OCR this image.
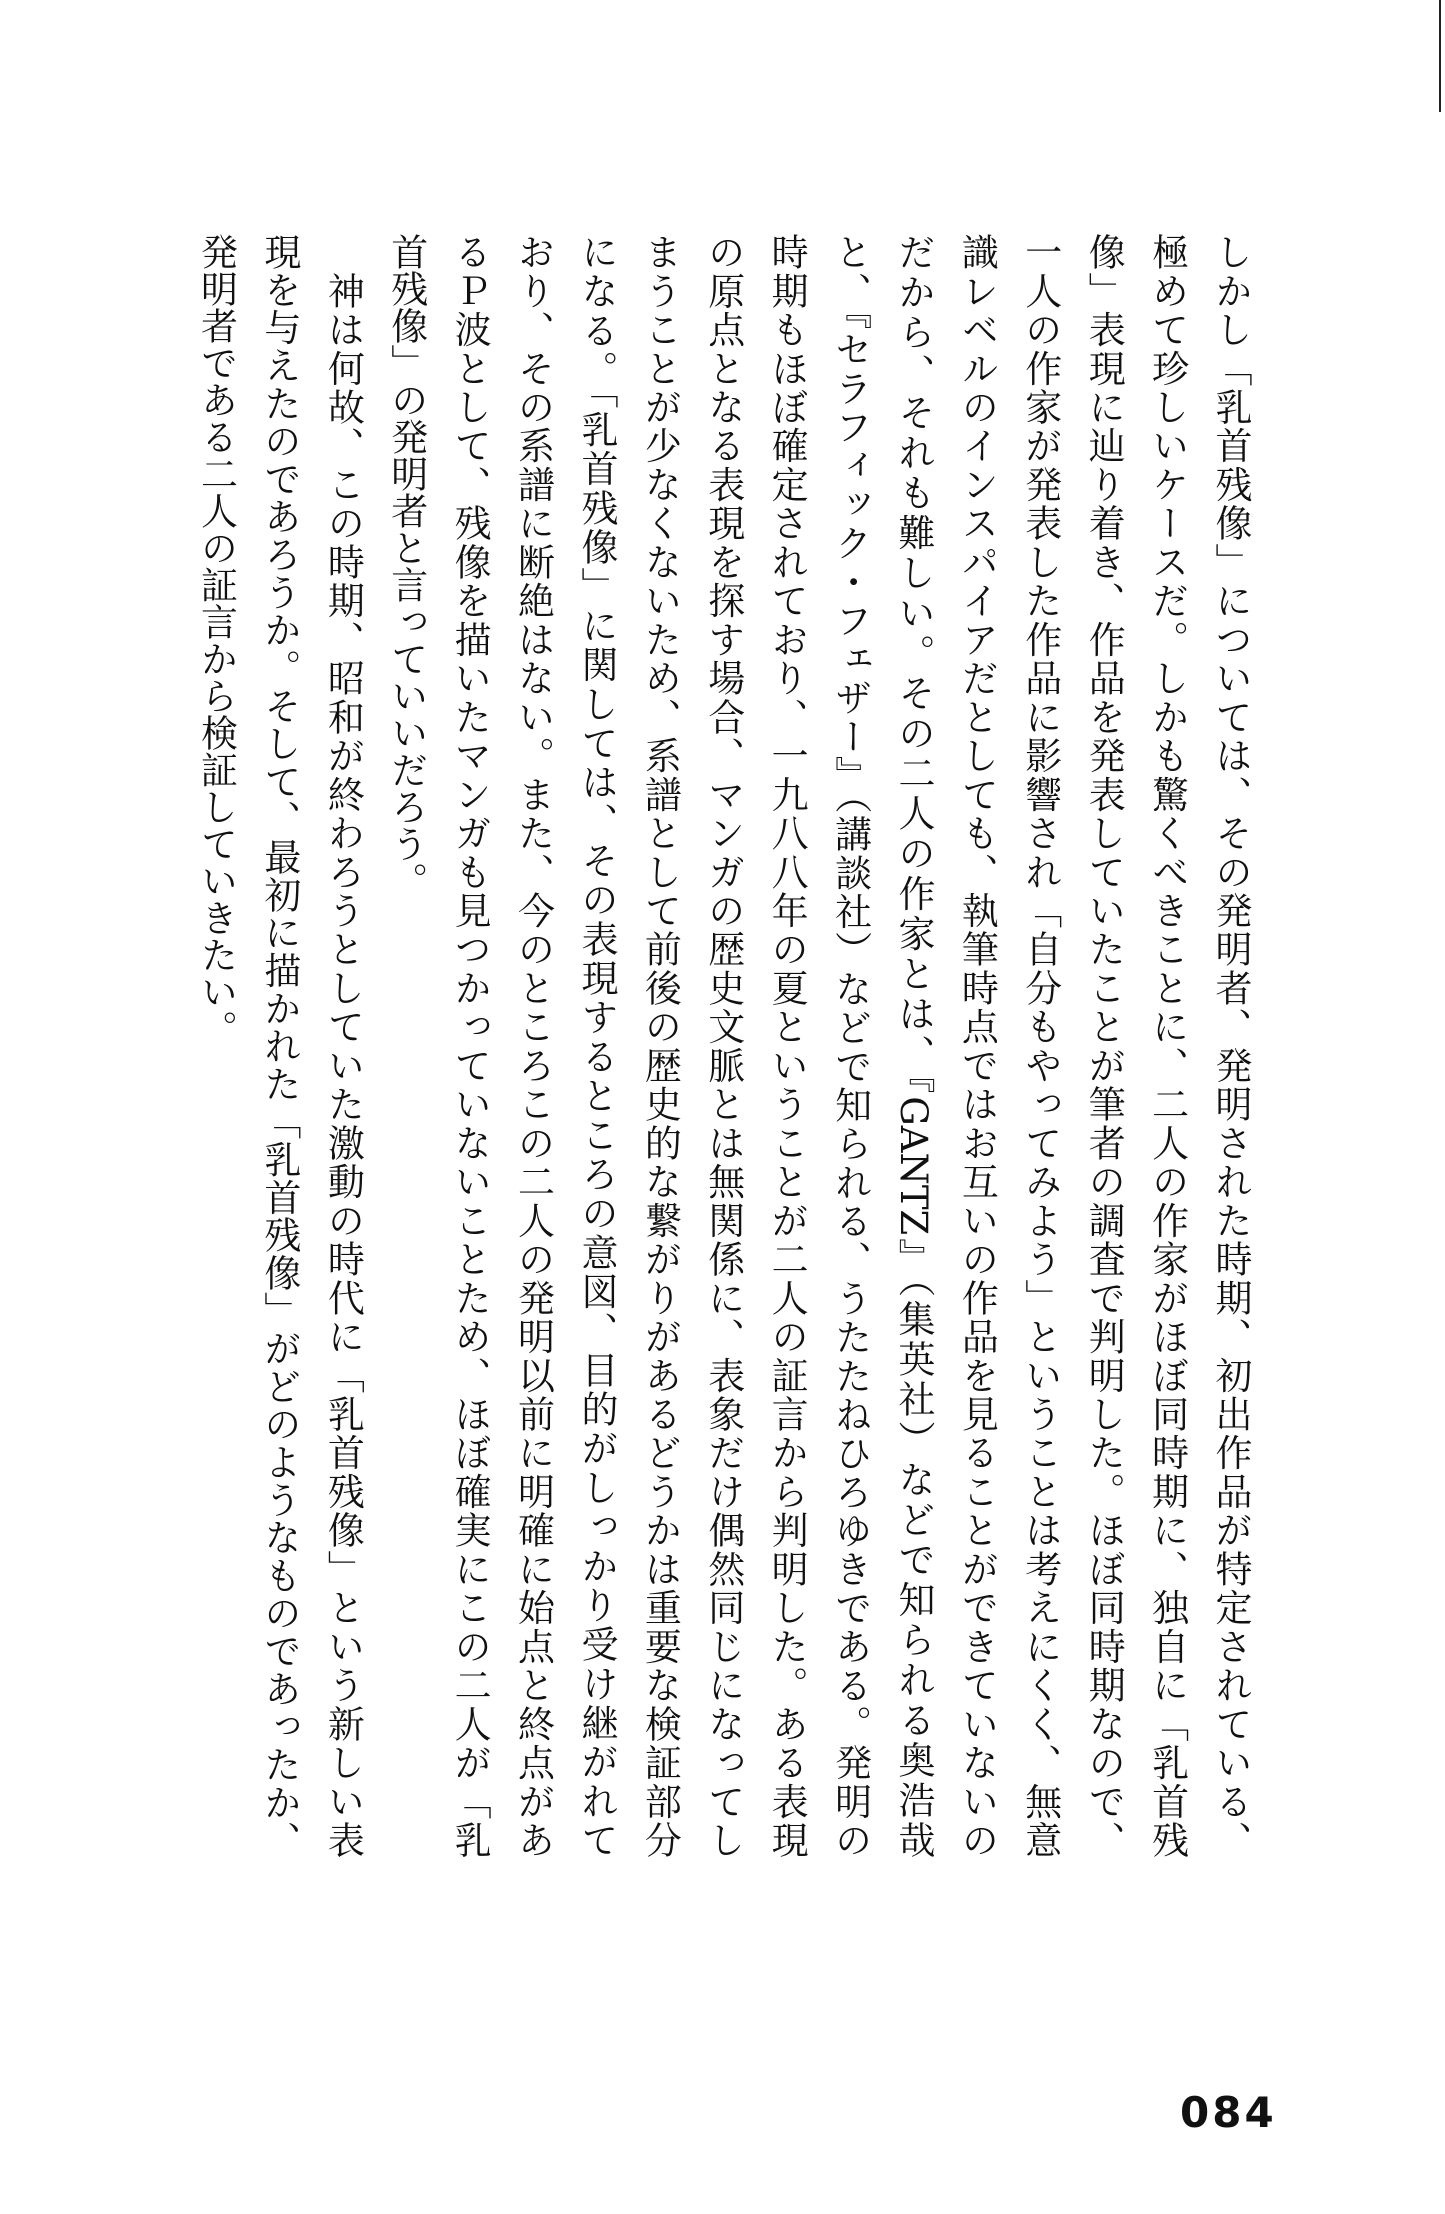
しかし「乳首残像」については、その発明者、発明された時期、初出作品が特定されている、
極めて珍しいケースだ。しかも驚くべきことに、二人の作家がほぼ同時期に、独自に「乳首残
像」表現に辿り着き、作品を発表していたことが筆者の調査で判明した。ほぼ同時期なので、
一人の作家が発表した作品に影響され「自分もやってみよう」ということは考えにくく、無意
識レベルのインスパイアだとしても、執筆時点ではお互いの作品を見ることができていないの
だから、それも難しい。その二人の作家とは、『GANTZ』（集英社）などで知られる奥浩哉
と、『セラフィック・フェザー』（講談社）などで知られる、うたたねひろゆきである。発明の
時期もほぼ確定されており、一九八八年の夏ということが二人の証言から判明した。ある表現
の原点となる表現を探す場合、マンガの歴史文脈とは無関係に、表象だけ偶然同じになってし
まうことが少なくないため、系譜として前後の歴史的な繋がりがあるどうかは重要な検証部分
になる。「乳首残像」に関しては、その表現するところの意図、目的がしっかり受け継がれて
おり、その系譜に断絶はない。また、今のところこの二人の発明以前に明確に始点と終点があ
るＰ波として、残像を描いたマンガも見つかっていないことため、ほぼ確実にこの二人が「乳
首残像」の発明者と言っていいだろう。
　神は何故、この時期、昭和が終わろうとしていた激動の時代に「乳首残像」という新しい表
現を与えたのであろうか。そして、最初に描かれた「乳首残像」がどのようなものであったか、
発明者である二人の証言から検証していきたい。
084
